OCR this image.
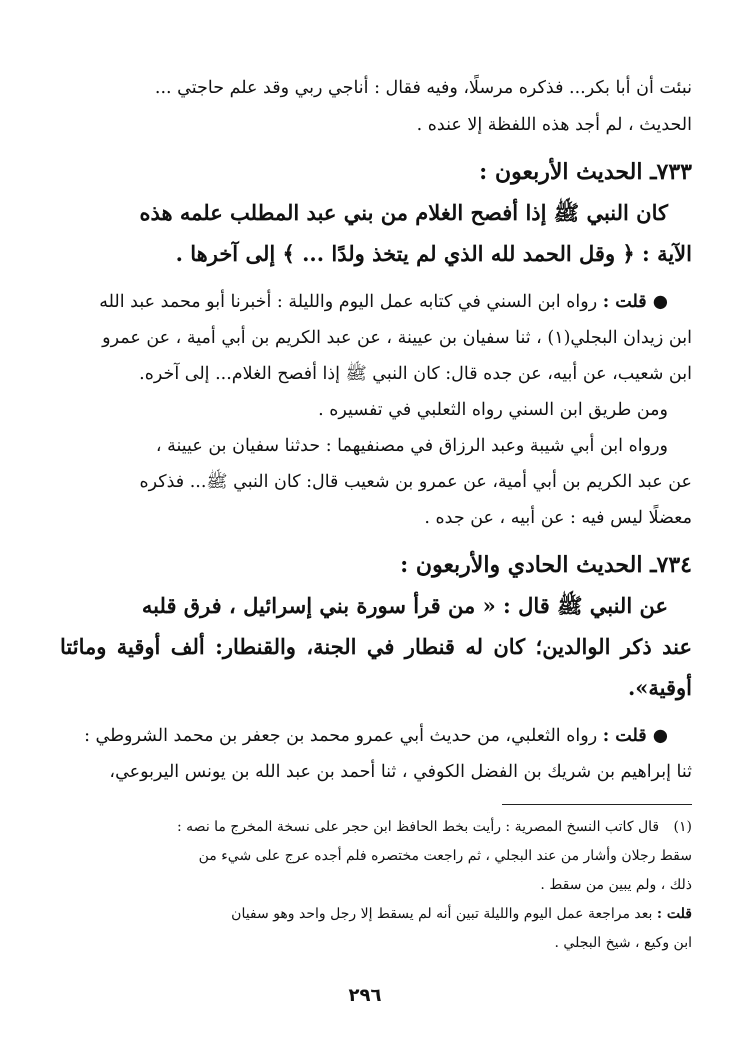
نبئت أن أبا بكر... فذكره مرسلًا، وفيه فقال : أناجي ربي وقد علم حاجتي ...

الحديث ، لم أجد هذه اللفظة إلا عنده .

٧٣٣ـ الحديث الأربعون :

كان النبي ﷺ إذا أفصح الغلام من بني عبد المطلب علمه هذه
الآية : ﴿ وقل الحمد لله الذي لم يتخذ ولدًا ... ﴾ إلى آخرها .

● قلت : رواه ابن السني في كتابه عمل اليوم والليلة : أخبرنا أبو محمد عبد الله
ابن زيدان البجلي(١) ، ثنا سفيان بن عيينة ، عن عبد الكريم بن أبي أمية ، عن عمرو
ابن شعيب، عن أبيه، عن جده قال: كان النبي ﷺ إذا أفصح الغلام... إلى آخره.

ومن طريق ابن السني رواه الثعلبي في تفسيره .

ورواه ابن أبي شيبة وعبد الرزاق في مصنفيهما : حدثنا سفيان بن عيينة ،
عن عبد الكريم بن أبي أمية، عن عمرو بن شعيب قال: كان النبي ﷺ... فذكره
معضلًا ليس فيه : عن أبيه ، عن جده .

٧٣٤ـ الحديث الحادي والأربعون :

عن النبي ﷺ قال : « من قرأ سورة بني إسرائيل ، فرق قلبه
عند ذكر الوالدين؛ كان له قنطار في الجنة، والقنطار: ألف أوقية ومائتا أوقية».

● قلت : رواه الثعلبي، من حديث أبي عمرو محمد بن جعفر بن محمد الشروطي :
ثنا إبراهيم بن شريك بن الفضل الكوفي ، ثنا أحمد بن عبد الله بن يونس اليربوعي،

(١) قال كاتب النسخ المصرية : رأيت بخط الحافظ ابن حجر على نسخة المخرج ما نصه :
سقط رجلان وأشار من عند البجلي ، ثم راجعت مختصره فلم أجده عرج على شيء من
ذلك ، ولم يبين من سقط .

قلت : بعد مراجعة عمل اليوم والليلة تبين أنه لم يسقط إلا رجل واحد وهو سفيان
ابن وكيع ، شيخ البجلي .

٢٩٦
